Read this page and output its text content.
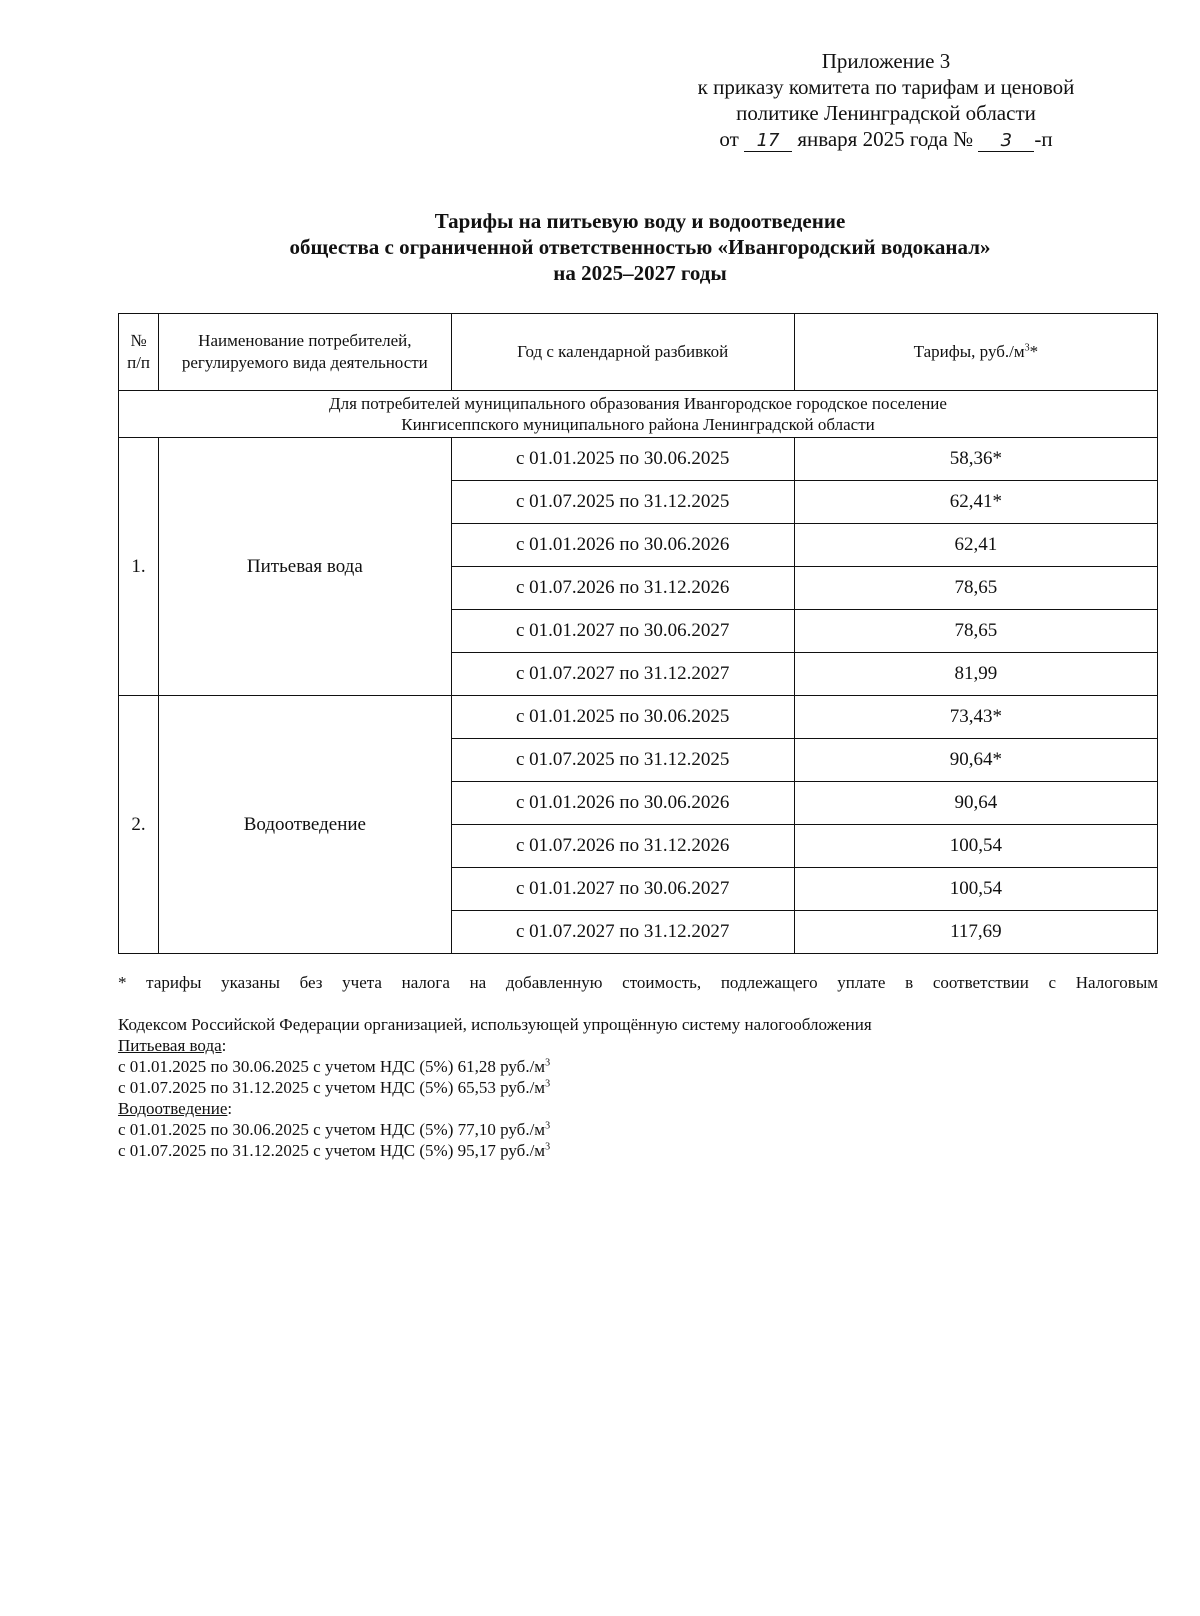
Приложение 3
к приказу комитета по тарифам и ценовой
политике Ленинградской области
от 17 января 2025 года № 3 -п
Тарифы на питьевую воду и водоотведение
общества с ограниченной ответственностью «Ивангородский водоканал»
на 2025–2027 годы
№ п/п	Наименование потребителей, регулируемого вида деятельности	Год с календарной разбивкой	Тарифы, $руб./м^3*$
Для потребителей муниципального образования Ивангородское городское поселение
Кингисеппского муниципального района Ленинградской области			
1.	Питьевая вода	с 01.01.2025 по 30.06.2025	58,36*
		с 01.07.2025 по 31.12.2025	62,41*
		с 01.01.2026 по 30.06.2026	62,41
		с 01.07.2026 по 31.12.2026	78,65
		с 01.01.2027 по 30.06.2027	78,65
		с 01.07.2027 по 31.12.2027	81,99
2.	Водоотведение	с 01.01.2025 по 30.06.2025	73,43*
		с 01.07.2025 по 31.12.2025	90,64*
		с 01.01.2026 по 30.06.2026	90,64
		с 01.07.2026 по 31.12.2026	100,54
		с 01.01.2027 по 30.06.2027	100,54
		с 01.07.2027 по 31.12.2027	117,69
* тарифы указаны без учета налога на добавленную стоимость, подлежащего уплате в соответствии с Налоговым
Кодексом Российской Федерации организацией, использующей упрощённую систему налогообложения
Питьевая вода:
с 01.01.2025 по 30.06.2025 с учетом НДС (5%) 61,28 $руб./м^3$
с 01.07.2025 по 31.12.2025 с учетом НДС (5%) 65,53 $руб./м^3$
Водоотведение:
с 01.01.2025 по 30.06.2025 с учетом НДС (5%) 77,10 $руб./м^3$
с 01.07.2025 по 31.12.2025 с учетом НДС (5%) 95,17 $руб./м^3$
